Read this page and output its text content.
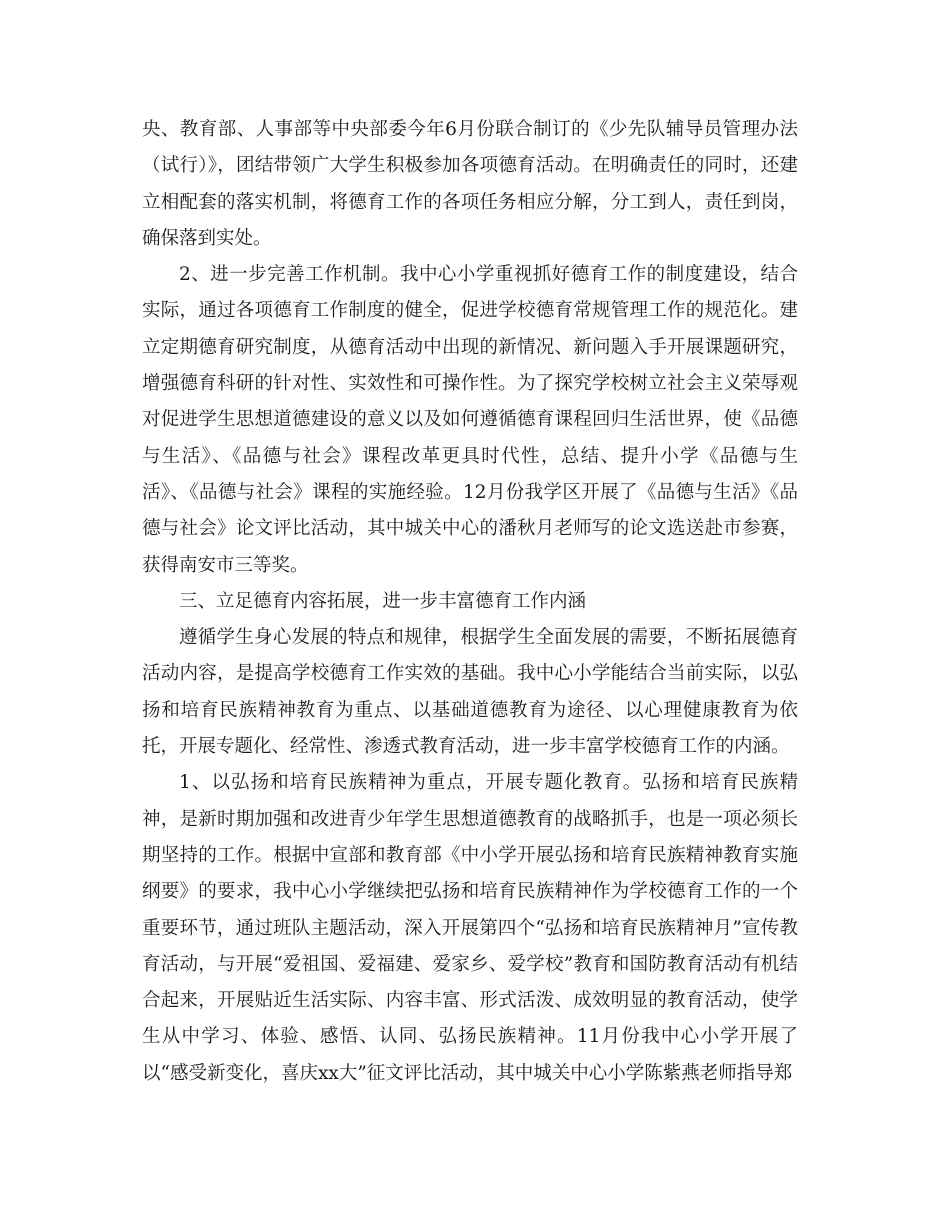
央、教育部、人事部等中央部委今年6月份联合制订的《少先队辅导员管理办法（试行）》，团结带领广大学生积极参加各项德育活动。在明确责任的同时，还建立相配套的落实机制，将德育工作的各项任务相应分解，分工到人，责任到岗，确保落到实处。

2、进一步完善工作机制。我中心小学重视抓好德育工作的制度建设，结合实际，通过各项德育工作制度的健全，促进学校德育常规管理工作的规范化。建立定期德育研究制度，从德育活动中出现的新情况、新问题入手开展课题研究，增强德育科研的针对性、实效性和可操作性。为了探究学校树立社会主义荣辱观对促进学生思想道德建设的意义以及如何遵循德育课程回归生活世界，使《品德与生活》、《品德与社会》课程改革更具时代性，总结、提升小学《品德与生活》、《品德与社会》课程的实施经验。12月份我学区开展了《品德与生活》《品德与社会》论文评比活动，其中城关中心的潘秋月老师写的论文选送赴市参赛，获得南安市三等奖。

三、立足德育内容拓展，进一步丰富德育工作内涵

遵循学生身心发展的特点和规律，根据学生全面发展的需要，不断拓展德育活动内容，是提高学校德育工作实效的基础。我中心小学能结合当前实际，以弘扬和培育民族精神教育为重点、以基础道德教育为途径、以心理健康教育为依托，开展专题化、经常性、渗透式教育活动，进一步丰富学校德育工作的内涵。

1、以弘扬和培育民族精神为重点，开展专题化教育。弘扬和培育民族精神，是新时期加强和改进青少年学生思想道德教育的战略抓手，也是一项必须长期坚持的工作。根据中宣部和教育部《中小学开展弘扬和培育民族精神教育实施纲要》的要求，我中心小学继续把弘扬和培育民族精神作为学校德育工作的一个重要环节，通过班队主题活动，深入开展第四个“弘扬和培育民族精神月”宣传教育活动，与开展“爱祖国、爱福建、爱家乡、爱学校”教育和国防教育活动有机结合起来，开展贴近生活实际、内容丰富、形式活泼、成效明显的教育活动，使学生从中学习、体验、感悟、认同、弘扬民族精神。11月份我中心小学开展了以“感受新变化，喜庆xx大”征文评比活动，其中城关中心小学陈紫燕老师指导郑
